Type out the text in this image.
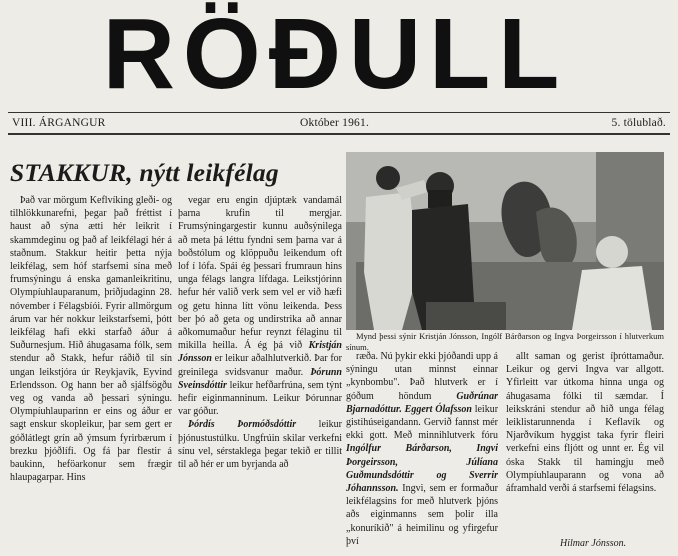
RÖÐULL
VIII. ÁRGANGUR	Október 1961.	5. tölublað.
STAKKUR, nýtt leikfélag

Það var mörgum Keflvíking gleði- og tilhlökkunarefni, þegar það fréttist í haust að sýna ætti hér leikrit í skammdeginu og það af leikfélagi hér á staðnum. Stakkur heitir þetta nýja leikfélag, sem hóf starfsemi sína með frumsýningu á enska gamanleikritinu, Olympíuhlauparanum, þriðjudaginn 28. nóvember í Félagsbíói. Fyrir allmörgum árum var hér nokkur leikstarfsemi, þótt leikfélag hafi ekki starfað áður á Suðurnesjum. Hið áhugasama fólk, sem stendur að Stakk, hefur ráðið til sín ungan leikstjóra úr Reykjavík, Eyvind Erlendsson. Og hann ber að sjálfsögðu veg og vanda að þessari sýningu. Olympíuhlauparinn er eins og áður er sagt enskur skopleikur, þar sem gert er góðlátlegt grín að ýmsum fyrirbærum í brezku þjóðlífi. Og fá þar flestir á baukinn, heföarkonur sem frægir hlaupagarpar. Hins

vegar eru engin djúptæk vandamál þarna krufin til mergjar. Frumsýningargestir kunnu auðsýnilega að meta þá léttu fyndni sem þarna var á boðstólum og klöppuðu leikendum oft lof í lófa. Spái ég þessari frumraun hins unga félags langra lífdaga. Leikstjórinn hefur hér valið verk sem vel er við hæfi og getu hinna lítt vönu leikenda. Þess ber þó að geta og undirstrika að annar aðkomumaður hefur reynzt félaginu til mikilla heilla. Á ég þá við Kristján Jónsson er leikur aðalhlutverkið. Þar for greinilega svidsvanur maður. Þórunn Sveinsdóttir leikur hefðarfrúna, sem týnt hefir eiginmanninum. Leikur Þórunnar var góður.

Þórdís Þormóðsdóttir leikur þjónustustúlku. Ungfrúin skilar verkefni sínu vel, sérstaklega þegar tekið er tillit til að hér er um byrjanda að

Mynd þessi sýnir Kristján Jónsson, Ingólf Bárðarson og Ingva Þorgeirsson í hlutverkum sínum.

ræða. Nú þykir ekki þjóðandi upp á sýningu utan minnst einnar „kynbombu". Það hlutverk er í góðum höndum Guðrúnar Bjarnadóttur. Eggert Ólafsson leikur gistihúseigandann. Gervið fannst mér ekki gott. Með minnihlutverk fóru Ingólfur Bárðarson, Ingvi Þorgeirsson, Júlíana Guðmundsdóttir og Sverrir Jóhannsson. Ingvi, sem er formaður leikfélagsins for með hlutverk þjóns aðs eiginmanns sem þolir illa „konuríkið" á heimilinu og yfirgefur því

allt saman og gerist íþróttamaður. Leikur og gervi Ingva var allgott. Yfirleitt var útkoma hinna unga og áhugasama fólki til sæmdar. Í leikskráni stendur að hið unga félag leiklistarunnenda í Keflavík og Njarðvíkum hyggist taka fyrir fleiri verkefni eins fljótt og unnt er. Ég vil óska Stakk til hamingju með Olympíuhlauparann og vona að áframhald verði á starfsemi félagsins.

Hilmar Jónsson.
